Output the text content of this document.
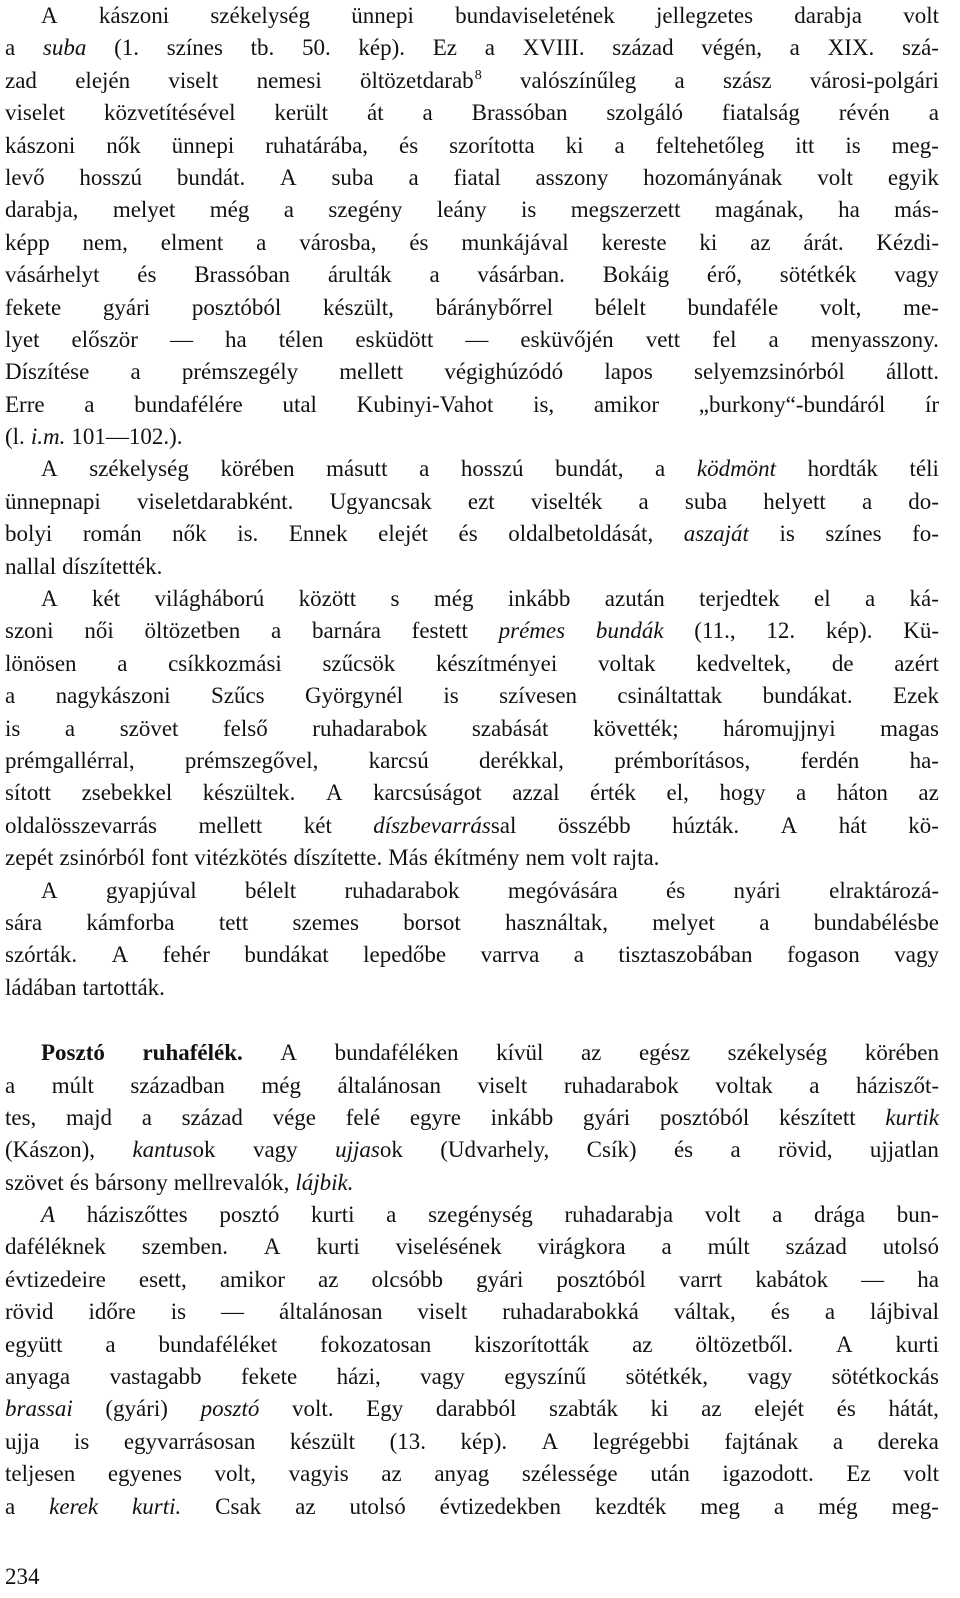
A kászoni székelység ünnepi bundaviseletének jellegzetes darabja volt
a suba (1. színes tb. 50. kép). Ez a XVIII. század végén, a XIX. szá-
zad elején viselt nemesi öltözetdarab$^8$ valószínűleg a szász városi-polgári
viselet közvetítésével került át a Brassóban szolgáló fiatalság révén a
kászoni nők ünnepi ruhatárába, és szorította ki a feltehetőleg itt is meg-
levő hosszú bundát. A suba a fiatal asszony hozományának volt egyik
darabja, melyet még a szegény leány is megszerzett magának, ha más-
képp nem, elment a városba, és munkájával kereste ki az árát. Kézdi-
vásárhelyt és Brassóban árulták a vásárban. Bokáig érő, sötétkék vagy
fekete gyári posztóból készült, báránybőrrel bélelt bundaféle volt, me-
lyet először — ha télen esküdött — esküvőjén vett fel a menyasszony.
Díszítése a prémszegély mellett végighúzódó lapos selyemzsinórból állott.
Erre a bundafélére utal Kubinyi-Vahot is, amikor „burkony“-bundáról ír
(l. i.m. 101—102.).
A székelység körében másutt a hosszú bundát, a ködmönt hordták téli
ünnepnapi viseletdarabként. Ugyancsak ezt viselték a suba helyett a do-
bolyi román nők is. Ennek elejét és oldalbetoldását, aszaját is színes fo-
nallal díszítették.
A két világháború között s még inkább azután terjedtek el a ká-
szoni női öltözetben a barnára festett prémes bundák (11., 12. kép). Kü-
lönösen a csíkkozmási szűcsök készítményei voltak kedveltek, de azért
a nagykászoni Szűcs Györgynél is szívesen csináltattak bundákat. Ezek
is a szövet felső ruhadarabok szabását követték; háromujjnyi magas
prémgallérral, prémszegővel, karcsú derékkal, prémborításos, ferdén ha-
sított zsebekkel készültek. A karcsúságot azzal érték el, hogy a háton az
oldalösszevarrás mellett két díszbevarrással összébb húzták. A hát kö-
zepét zsinórból font vitézkötés díszítette. Más ékítmény nem volt rajta.
A gyapjúval bélelt ruhadarabok megóvására és nyári elraktározá-
sára kámforba tett szemes borsot használtak, melyet a bundabélésbe
szórták. A fehér bundákat lepedőbe varrva a tisztaszobában fogason vagy
ládában tartották.
Posztó ruhafélék. A bundaféléken kívül az egész székelység körében
a múlt században még általánosan viselt ruhadarabok voltak a háziszőt-
tes, majd a század vége felé egyre inkább gyári posztóból készített kurtik
(Kászon), kantusok vagy ujjasok (Udvarhely, Csík) és a rövid, ujjatlan
szövet és bársony mellrevalók, lájbik.
A háziszőttes posztó kurti a szegénység ruhadarabja volt a drága bun-
daféléknek szemben. A kurti viselésének virágkora a múlt század utolsó
évtizedeire esett, amikor az olcsóbb gyári posztóból varrt kabátok — ha
rövid időre is — általánosan viselt ruhadarabokká váltak, és a lájbival
együtt a bundaféléket fokozatosan kiszorították az öltözetből. A kurti
anyaga vastagabb fekete házi, vagy egyszínű sötétkék, vagy sötétkockás
brassai (gyári) posztó volt. Egy darabból szabták ki az elejét és hátát,
ujja is egyvarrásosan készült (13. kép). A legrégebbi fajtának a dereka
teljesen egyenes volt, vagyis az anyag szélessége után igazodott. Ez volt
a kerek kurti. Csak az utolsó évtizedekben kezdték meg a még meg-
234
